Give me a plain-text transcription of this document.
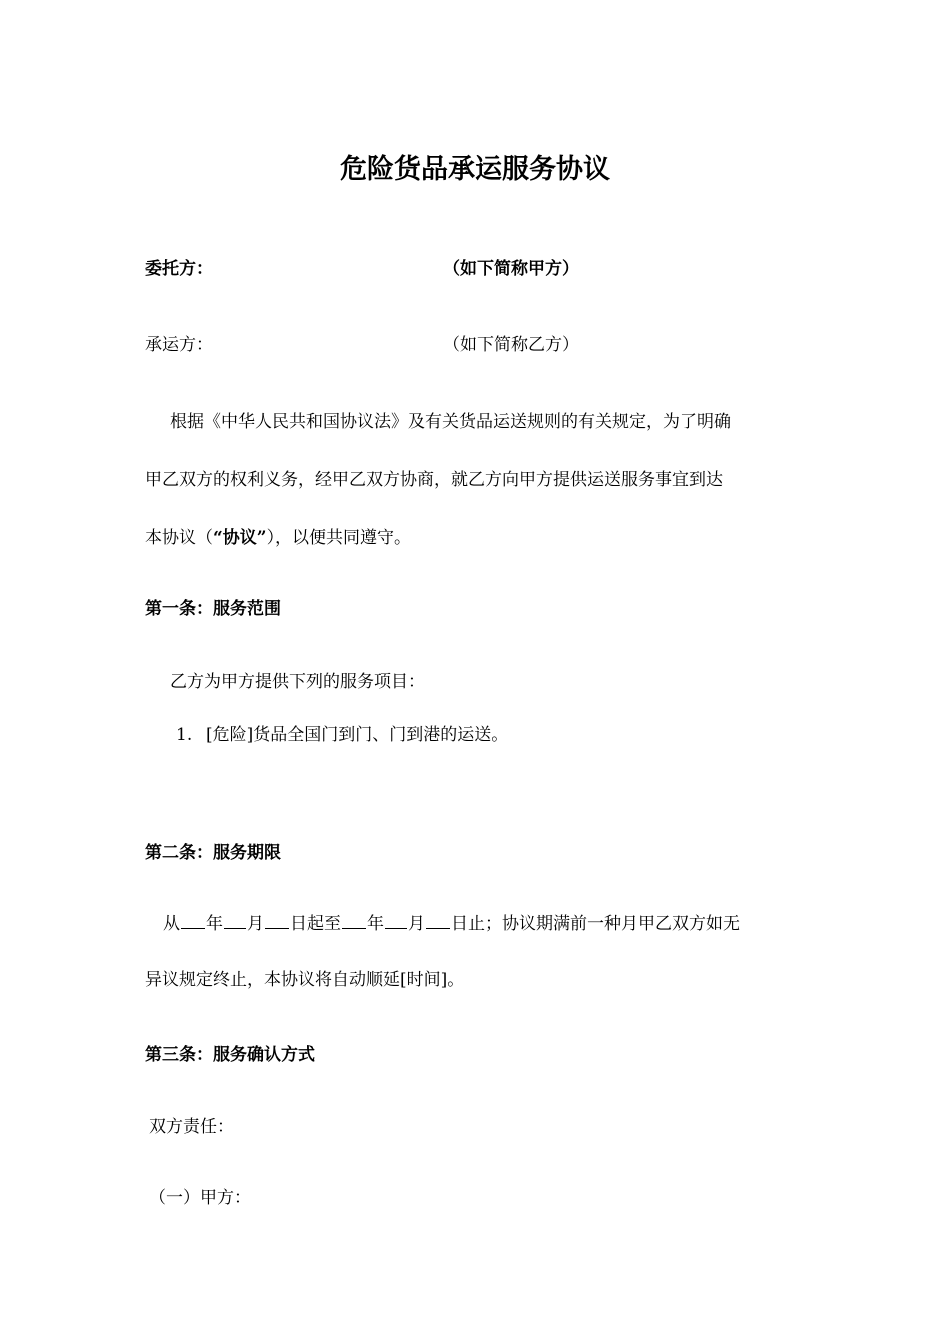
危险货品承运服务协议
委托方：	（如下简称甲方）
承运方：	（如下简称乙方）
根据《中华人民共和国协议法》及有关货品运送规则的有关规定，为了明确
甲乙双方的权利义务，经甲乙双方协商，就乙方向甲方提供运送服务事宜到达
本协议（“协议”），以便共同遵守。
第一条：服务范围
乙方为甲方提供下列的服务项目：
1. [危险]货品全国门到门、门到港的运送。
第二条：服务期限
从 年 月 日起至 年 月 日止；协议期满前一种月甲乙双方如无
异议规定终止，本协议将自动顺延[时间]。
第三条：服务确认方式
双方责任：
（一）甲方：
